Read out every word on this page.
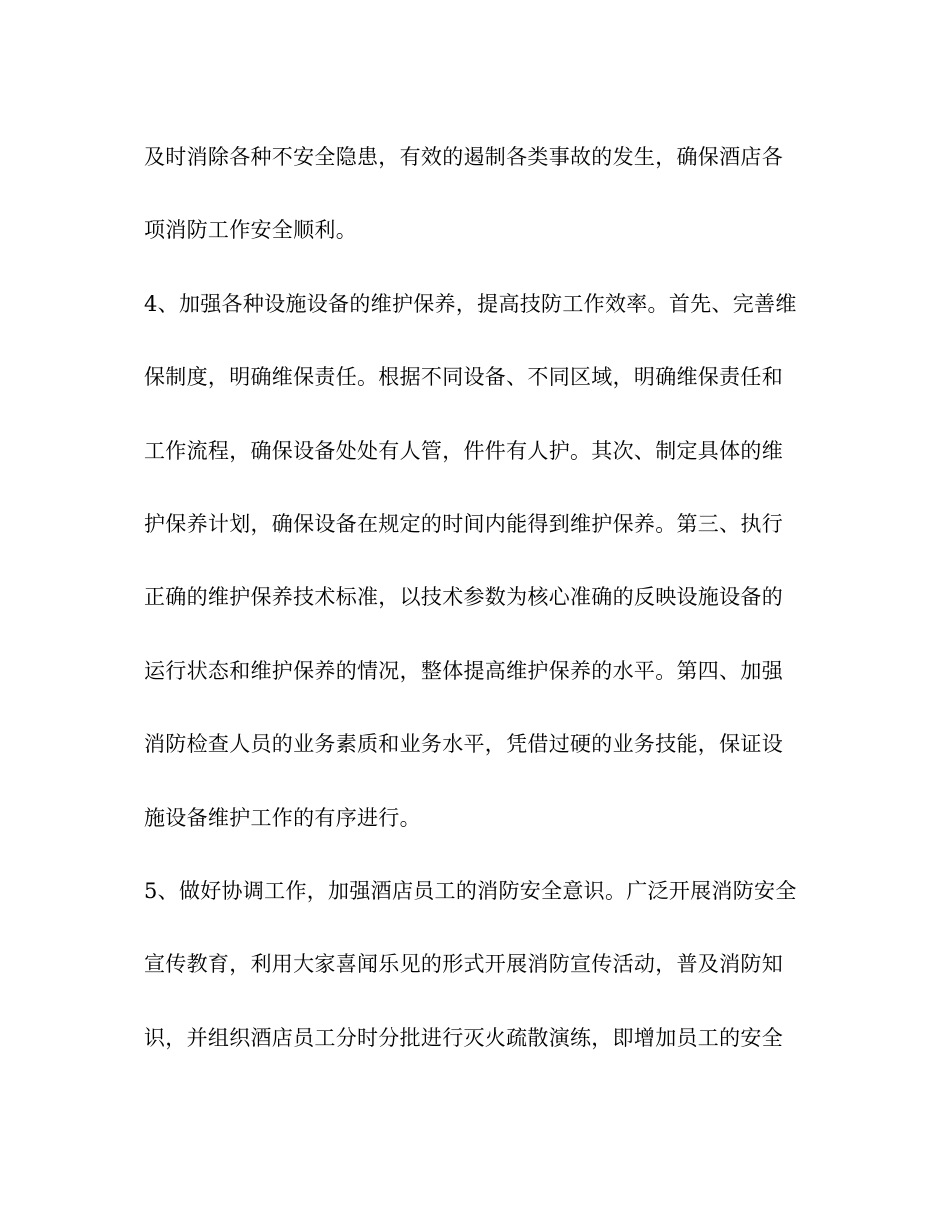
及时消除各种不安全隐患，有效的遏制各类事故的发生，确保酒店各
项消防工作安全顺利。
4、加强各种设施设备的维护保养，提高技防工作效率。首先、完善维
保制度，明确维保责任。根据不同设备、不同区域，明确维保责任和
工作流程，确保设备处处有人管，件件有人护。其次、制定具体的维
护保养计划，确保设备在规定的时间内能得到维护保养。第三、执行
正确的维护保养技术标准，以技术参数为核心准确的反映设施设备的
运行状态和维护保养的情况，整体提高维护保养的水平。第四、加强
消防检查人员的业务素质和业务水平，凭借过硬的业务技能，保证设
施设备维护工作的有序进行。
5、做好协调工作，加强酒店员工的消防安全意识。广泛开展消防安全
宣传教育，利用大家喜闻乐见的形式开展消防宣传活动，普及消防知
识，并组织酒店员工分时分批进行灭火疏散演练，即增加员工的安全
